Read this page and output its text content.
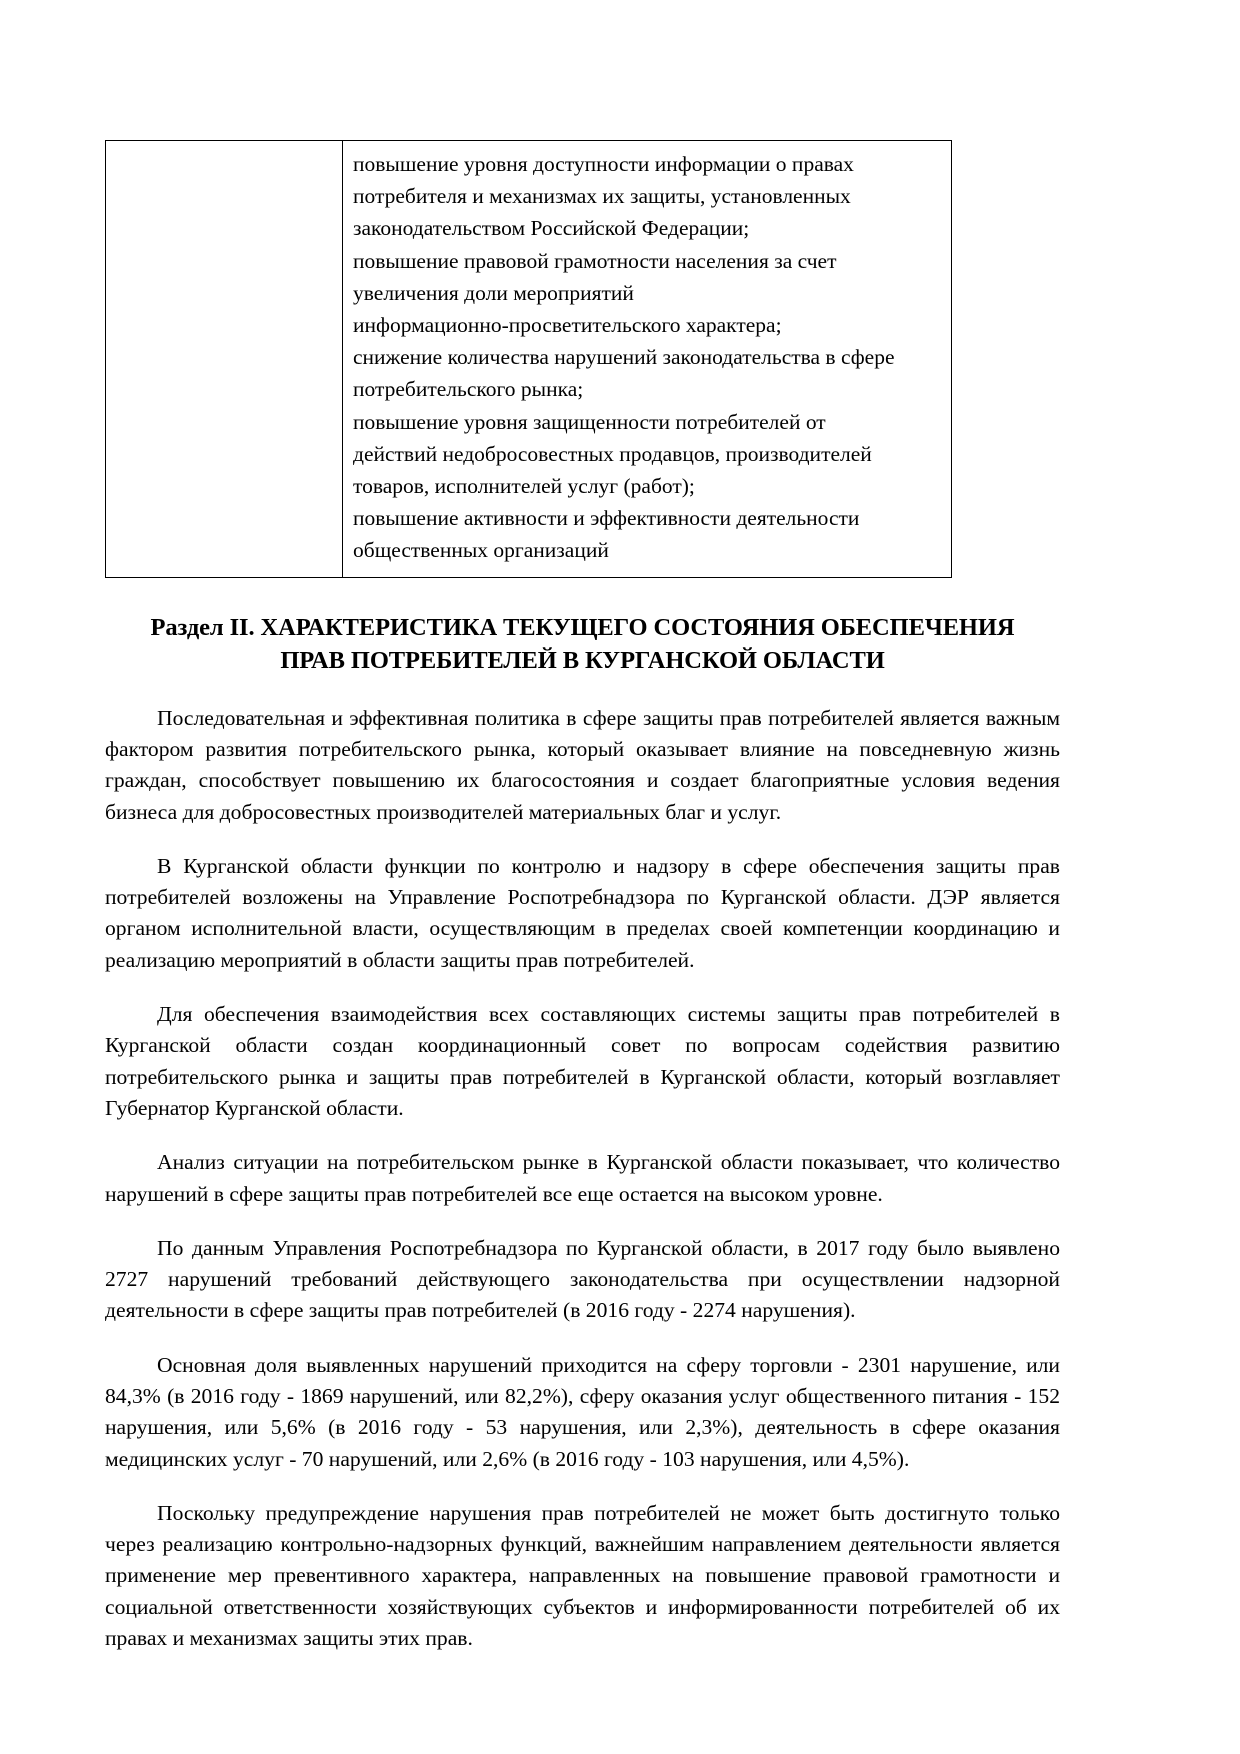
повышение уровня доступности информации о правах
потребителя и механизмах их защиты, установленных
законодательством Российской Федерации;
повышение правовой грамотности населения за счет
увеличения доли мероприятий
информационно-просветительского характера;
снижение количества нарушений законодательства в сфере
потребительского рынка;
повышение уровня защищенности потребителей от
действий недобросовестных продавцов, производителей
товаров, исполнителей услуг (работ);
повышение активности и эффективности деятельности
общественных организаций
Раздел II. ХАРАКТЕРИСТИКА ТЕКУЩЕГО СОСТОЯНИЯ ОБЕСПЕЧЕНИЯ
ПРАВ ПОТРЕБИТЕЛЕЙ В КУРГАНСКОЙ ОБЛАСТИ

Последовательная и эффективная политика в сфере защиты прав потребителей является важным фактором развития потребительского рынка, который оказывает влияние на повседневную жизнь граждан, способствует повышению их благосостояния и создает благоприятные условия ведения бизнеса для добросовестных производителей материальных благ и услуг.

В Курганской области функции по контролю и надзору в сфере обеспечения защиты прав потребителей возложены на Управление Роспотребнадзора по Курганской области. ДЭР является органом исполнительной власти, осуществляющим в пределах своей компетенции координацию и реализацию мероприятий в области защиты прав потребителей.

Для обеспечения взаимодействия всех составляющих системы защиты прав потребителей в Курганской области создан координационный совет по вопросам содействия развитию потребительского рынка и защиты прав потребителей в Курганской области, который возглавляет Губернатор Курганской области.

Анализ ситуации на потребительском рынке в Курганской области показывает, что количество нарушений в сфере защиты прав потребителей все еще остается на высоком уровне.

По данным Управления Роспотребнадзора по Курганской области, в 2017 году было выявлено 2727 нарушений требований действующего законодательства при осуществлении надзорной деятельности в сфере защиты прав потребителей (в 2016 году - 2274 нарушения).

Основная доля выявленных нарушений приходится на сферу торговли - 2301 нарушение, или 84,3% (в 2016 году - 1869 нарушений, или 82,2%), сферу оказания услуг общественного питания - 152 нарушения, или 5,6% (в 2016 году - 53 нарушения, или 2,3%), деятельность в сфере оказания медицинских услуг - 70 нарушений, или 2,6% (в 2016 году - 103 нарушения, или 4,5%).

Поскольку предупреждение нарушения прав потребителей не может быть достигнуто только через реализацию контрольно-надзорных функций, важнейшим направлением деятельности является применение мер превентивного характера, направленных на повышение правовой грамотности и социальной ответственности хозяйствующих субъектов и информированности потребителей об их правах и механизмах защиты этих прав.
